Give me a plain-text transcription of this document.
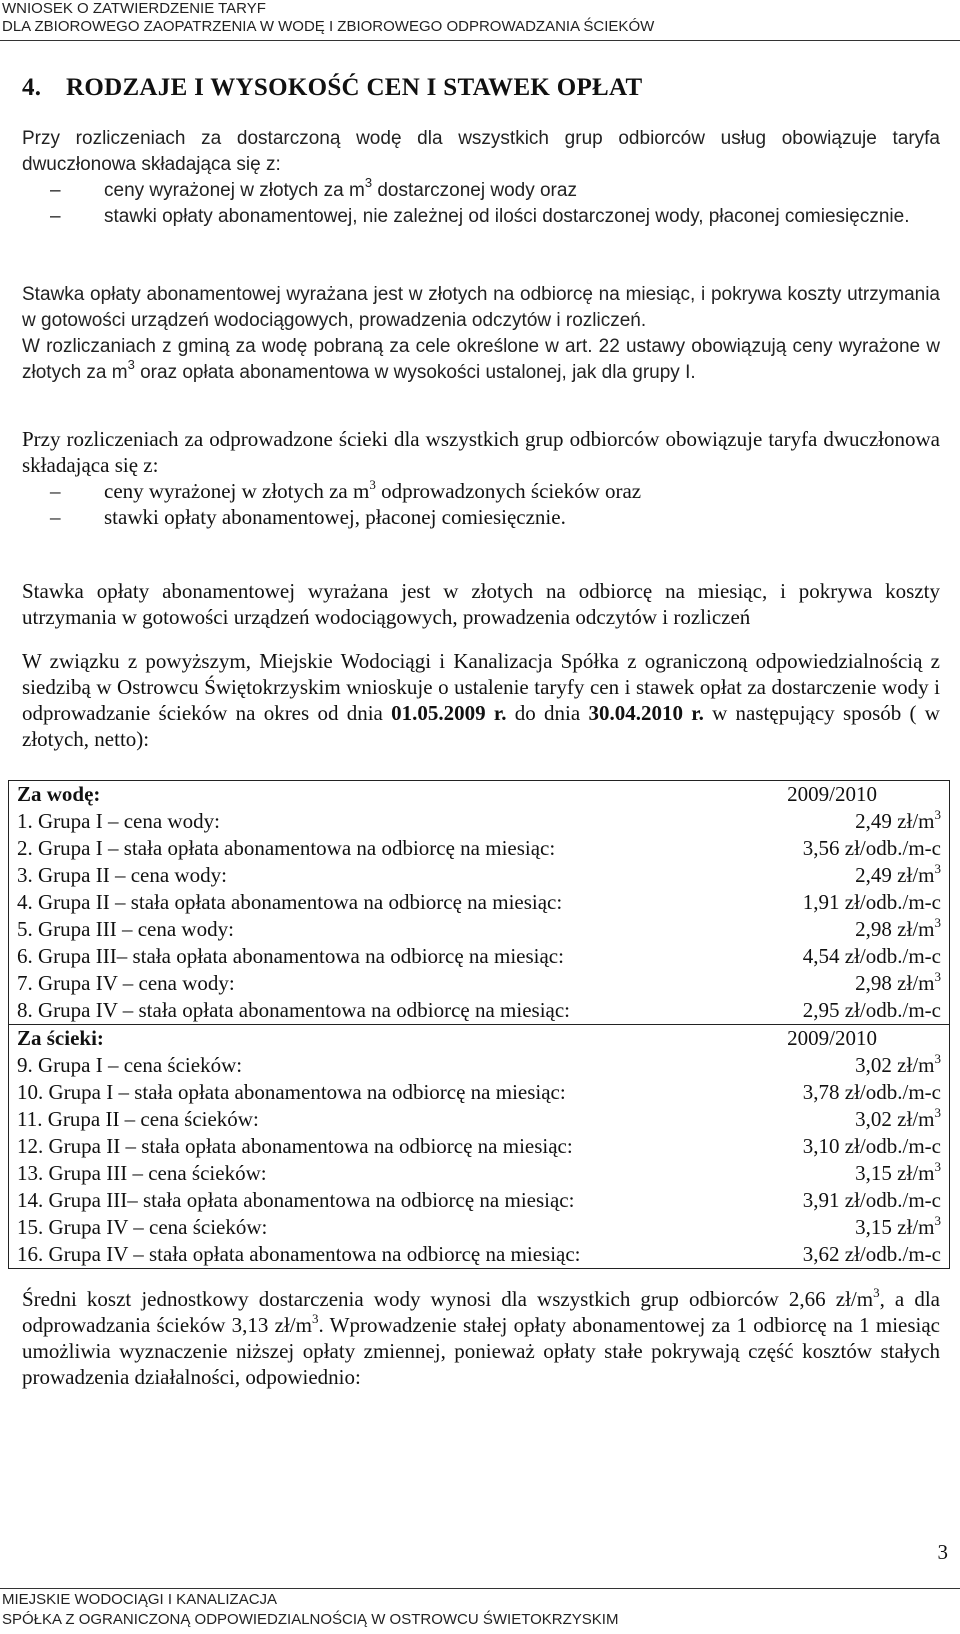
WNIOSEK O ZATWIERDZENIE TARYF
DLA ZBIOROWEGO ZAOPATRZENIA W WODĘ I ZBIOROWEGO ODPROWADZANIA ŚCIEKÓW
4. RODZAJE I WYSOKOŚĆ CEN I STAWEK OPŁAT
Przy rozliczeniach za dostarczoną wodę dla wszystkich grup odbiorców usług obowiązuje taryfa dwuczłonowa składająca się z:
– ceny wyrażonej w złotych za $m^3$ dostarczonej wody oraz
– stawki opłaty abonamentowej, nie zależnej od ilości dostarczonej wody, płaconej comiesięcznie.
Stawka opłaty abonamentowej wyrażana jest w złotych na odbiorcę na miesiąc, i pokrywa koszty utrzymania w gotowości urządzeń wodociągowych, prowadzenia odczytów i rozliczeń.
W rozliczaniach z gminą za wodę pobraną za cele określone w art. 22 ustawy obowiązują ceny wyrażone w złotych za $m^3$ oraz opłata abonamentowa w wysokości ustalonej, jak dla grupy I.
Przy rozliczeniach za odprowadzone ścieki dla wszystkich grup odbiorców obowiązuje taryfa dwuczłonowa składająca się z:
– ceny wyrażonej w złotych za $m^3$ odprowadzonych ścieków oraz
– stawki opłaty abonamentowej, płaconej comiesięcznie.
Stawka opłaty abonamentowej wyrażana jest w złotych na odbiorcę na miesiąc, i pokrywa koszty utrzymania w gotowości urządzeń wodociągowych, prowadzenia odczytów i rozliczeń
W związku z powyższym, Miejskie Wodociągi i Kanalizacja Spółka z ograniczoną odpowiedzialnością z siedzibą w Ostrowcu Świętokrzyskim wnioskuje o ustalenie taryfy cen i stawek opłat za dostarczenie wody i odprowadzanie ścieków na okres od dnia 01.05.2009 r. do dnia 30.04.2010 r. w następujący sposób ( w złotych, netto):
Za wodę:	2009/2010
1. Grupa I – cena wody:	2,49 $zł/m^3$
2. Grupa I – stała opłata abonamentowa na odbiorcę na miesiąc:	3,56 zł/odb./m-c
3. Grupa II – cena wody:	2,49 $zł/m^3$
4. Grupa II – stała opłata abonamentowa na odbiorcę na miesiąc:	1,91 zł/odb./m-c
5. Grupa III – cena wody:	2,98 $zł/m^3$
6. Grupa III– stała opłata abonamentowa na odbiorcę na miesiąc:	4,54 zł/odb./m-c
7. Grupa IV – cena wody:	2,98 $zł/m^3$
8. Grupa IV – stała opłata abonamentowa na odbiorcę na miesiąc:	2,95 zł/odb./m-c
Za ścieki:	2009/2010
9. Grupa I – cena ścieków:	3,02 $zł/m^3$
10. Grupa I – stała opłata abonamentowa na odbiorcę na miesiąc:	3,78 zł/odb./m-c
11. Grupa II – cena ścieków:	3,02 $zł/m^3$
12. Grupa II – stała opłata abonamentowa na odbiorcę na miesiąc:	3,10 zł/odb./m-c
13. Grupa III – cena ścieków:	3,15 $zł/m^3$
14. Grupa III– stała opłata abonamentowa na odbiorcę na miesiąc:	3,91 zł/odb./m-c
15. Grupa IV – cena ścieków:	3,15 $zł/m^3$
16. Grupa IV – stała opłata abonamentowa na odbiorcę na miesiąc:	3,62 zł/odb./m-c
Średni koszt jednostkowy dostarczenia wody wynosi dla wszystkich grup odbiorców 2,66 $zł/m^3$, a dla odprowadzania ścieków 3,13 $zł/m^3$. Wprowadzenie stałej opłaty abonamentowej za 1 odbiorcę na 1 miesiąc umożliwia wyznaczenie niższej opłaty zmiennej, ponieważ opłaty stałe pokrywają część kosztów stałych prowadzenia działalności, odpowiednio:
3
MIEJSKIE WODOCIĄGI I KANALIZACJA
SPÓŁKA Z OGRANICZONĄ ODPOWIEDZIALNOŚCIĄ W OSTROWCU ŚWIETOKRZYSKIM
